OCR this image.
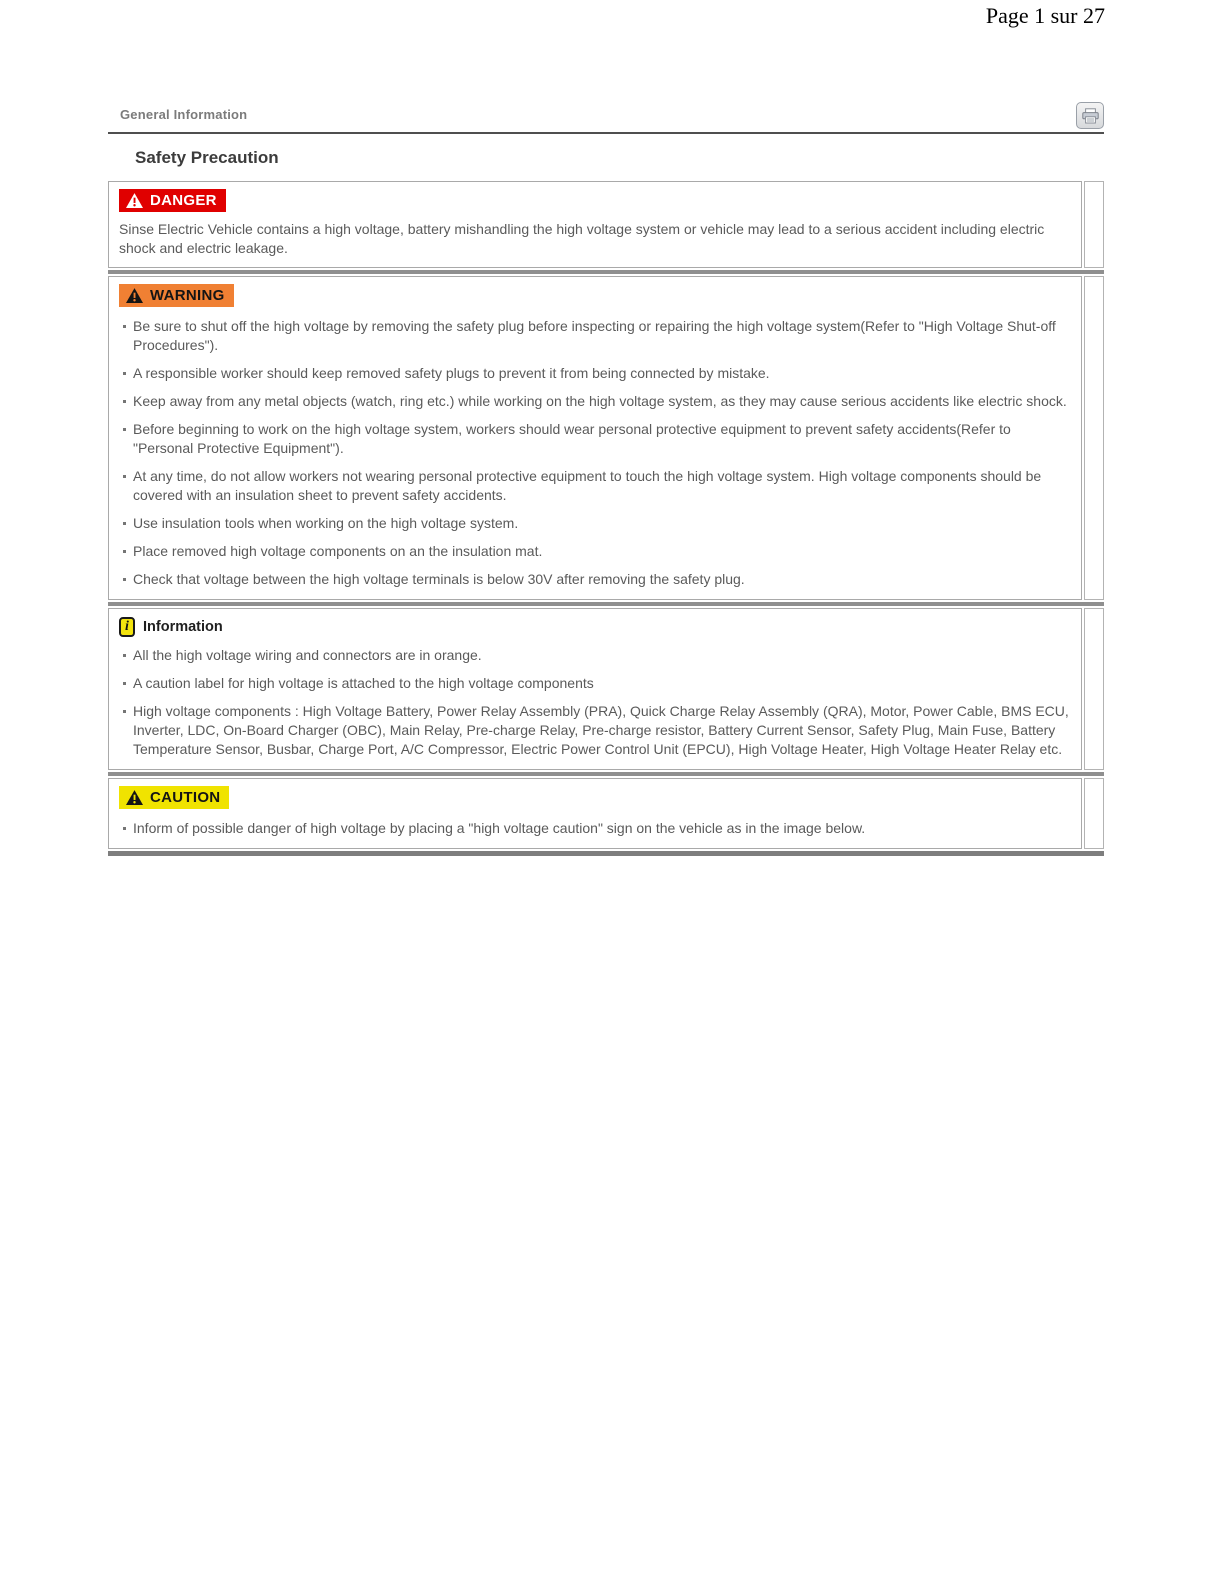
Page 1 sur 27
General Information
Safety Precaution
DANGER

Sinse Electric Vehicle contains a high voltage, battery mishandling the high voltage system or vehicle may lead to a serious accident including electric shock and electric leakage.

WARNING
Be sure to shut off the high voltage by removing the safety plug before inspecting or repairing the high voltage system(Refer to "High Voltage Shut-off Procedures").
A responsible worker should keep removed safety plugs to prevent it from being connected by mistake.
Keep away from any metal objects (watch, ring etc.) while working on the high voltage system, as they may cause serious accidents like electric shock.
Before beginning to work on the high voltage system, workers should wear personal protective equipment to prevent safety accidents(Refer to "Personal Protective Equipment").
At any time, do not allow workers not wearing personal protective equipment to touch the high voltage system. High voltage components should be covered with an insulation sheet to prevent safety accidents.
Use insulation tools when working on the high voltage system.
Place removed high voltage components on an the insulation mat.
Check that voltage between the high voltage terminals is below 30V after removing the safety plug.
i Information
All the high voltage wiring and connectors are in orange.
A caution label for high voltage is attached to the high voltage components
High voltage components : High Voltage Battery, Power Relay Assembly (PRA), Quick Charge Relay Assembly (QRA), Motor, Power Cable, BMS ECU, Inverter, LDC, On-Board Charger (OBC), Main Relay, Pre-charge Relay, Pre-charge resistor, Battery Current Sensor, Safety Plug, Main Fuse, Battery Temperature Sensor, Busbar, Charge Port, A/C Compressor, Electric Power Control Unit (EPCU), High Voltage Heater, High Voltage Heater Relay etc.
CAUTION
Inform of possible danger of high voltage by placing a "high voltage caution" sign on the vehicle as in the image below.
